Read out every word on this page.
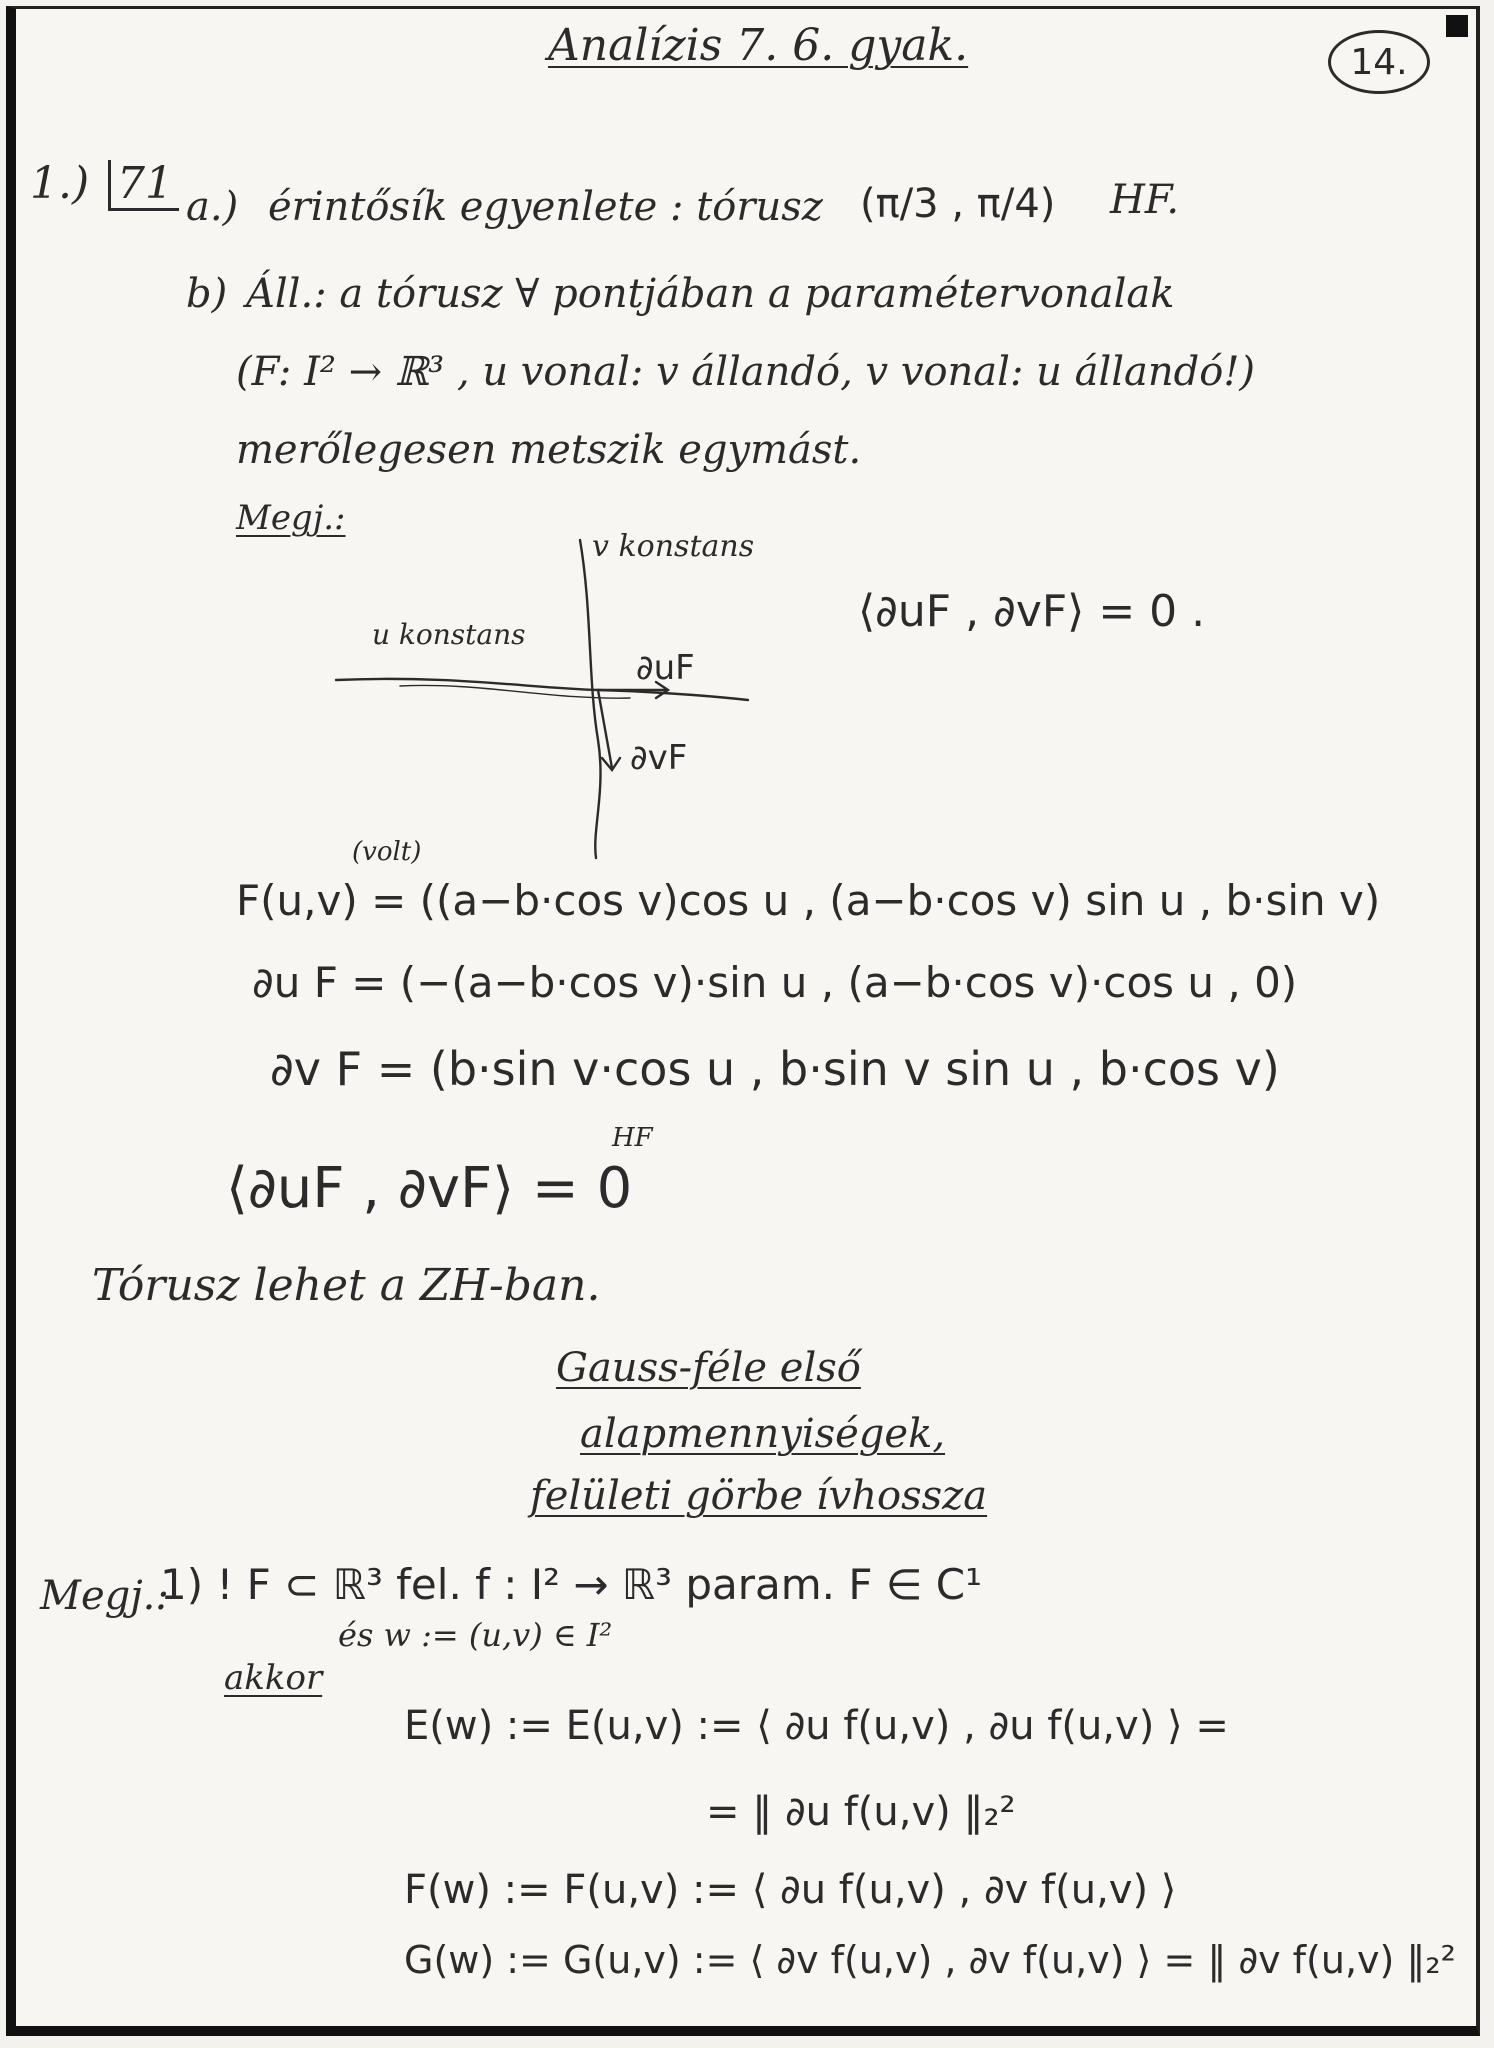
Analízis 7. 6. gyak.	14.
1.) 71 a.) érintősík egyenlete : tórusz (π/3 , π/4) HF.
b) Áll.: a tórusz ∀ pontjában a paramétervonalak
(F: I² → ℝ³ , u vonal: v állandó, v vonal: u állandó!)
merőlegesen metszik egymást.
Megj.:
v konstans
u konstans
∂uF
∂vF
⟨∂uF , ∂vF⟩ = 0 .
(volt)
F(u,v) = ((a−b·cos v)cos u , (a−b·cos v) sin u , b·sin v)
∂u F = (−(a−b·cos v)·sin u , (a−b·cos v)·cos u , 0)
∂v F = (b·sin v·cos u , b·sin v sin u , b·cos v)
HF
⟨∂uF , ∂vF⟩ = 0
Tórusz lehet a ZH-ban.
Gauss-féle első
alapmennyiségek,
felületi görbe ívhossza
Megj.:
1) ! F ⊂ ℝ³ fel. f : I² → ℝ³ param. F ∈ C¹
és w := (u,v) ∈ I²
akkor
E(w) := E(u,v) := ⟨ ∂u f(u,v) , ∂u f(u,v) ⟩ =
= ‖ ∂u f(u,v) ‖₂²
F(w) := F(u,v) := ⟨ ∂u f(u,v) , ∂v f(u,v) ⟩
G(w) := G(u,v) := ⟨ ∂v f(u,v) , ∂v f(u,v) ⟩ = ‖ ∂v f(u,v) ‖₂²
